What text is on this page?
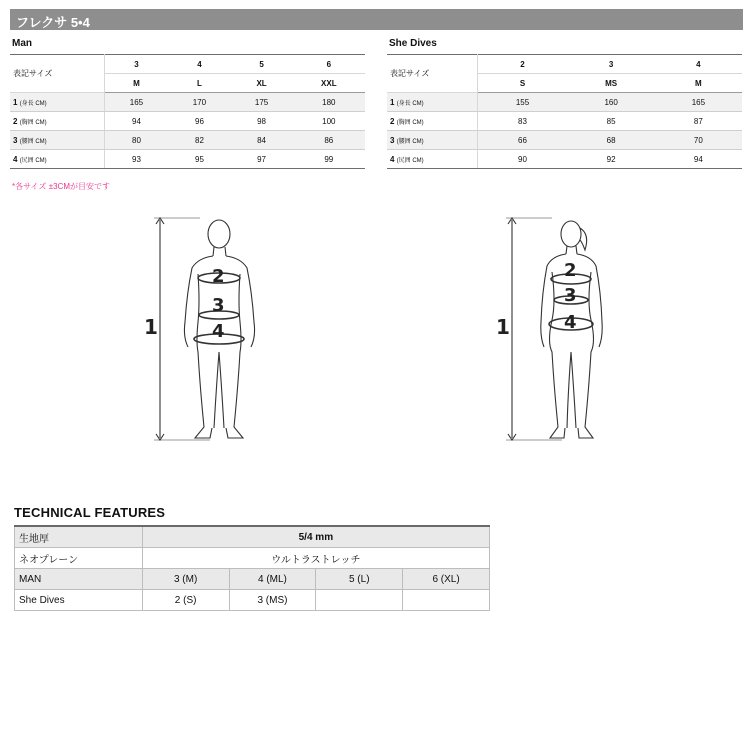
フレクサ 5•4
Man
表記サイズ	3	4	5	6
	M	L	XL	XXL
1 (身長 CM)	165	170	175	180
2 (胸囲 CM)	94	96	98	100
3 (腰囲 CM)	80	82	84	86
4 (尻囲 CM)	93	95	97	99
She Dives
表記サイズ	2	3	4
	S	MS	M
1 (身長 CM)	155	160	165
2 (胸囲 CM)	83	85	87
3 (腰囲 CM)	66	68	70
4 (尻囲 CM)	90	92	94
*各サイズ ±3CMが目安です
1
2
3
4	1
2
3
4
TECHNICAL FEATURES
生地厚	5/4 mm			
ネオプレーン	ウルトラストレッチ			
MAN	3 (M)	4 (ML)	5 (L)	6 (XL)
She Dives	2 (S)	3 (MS)		
